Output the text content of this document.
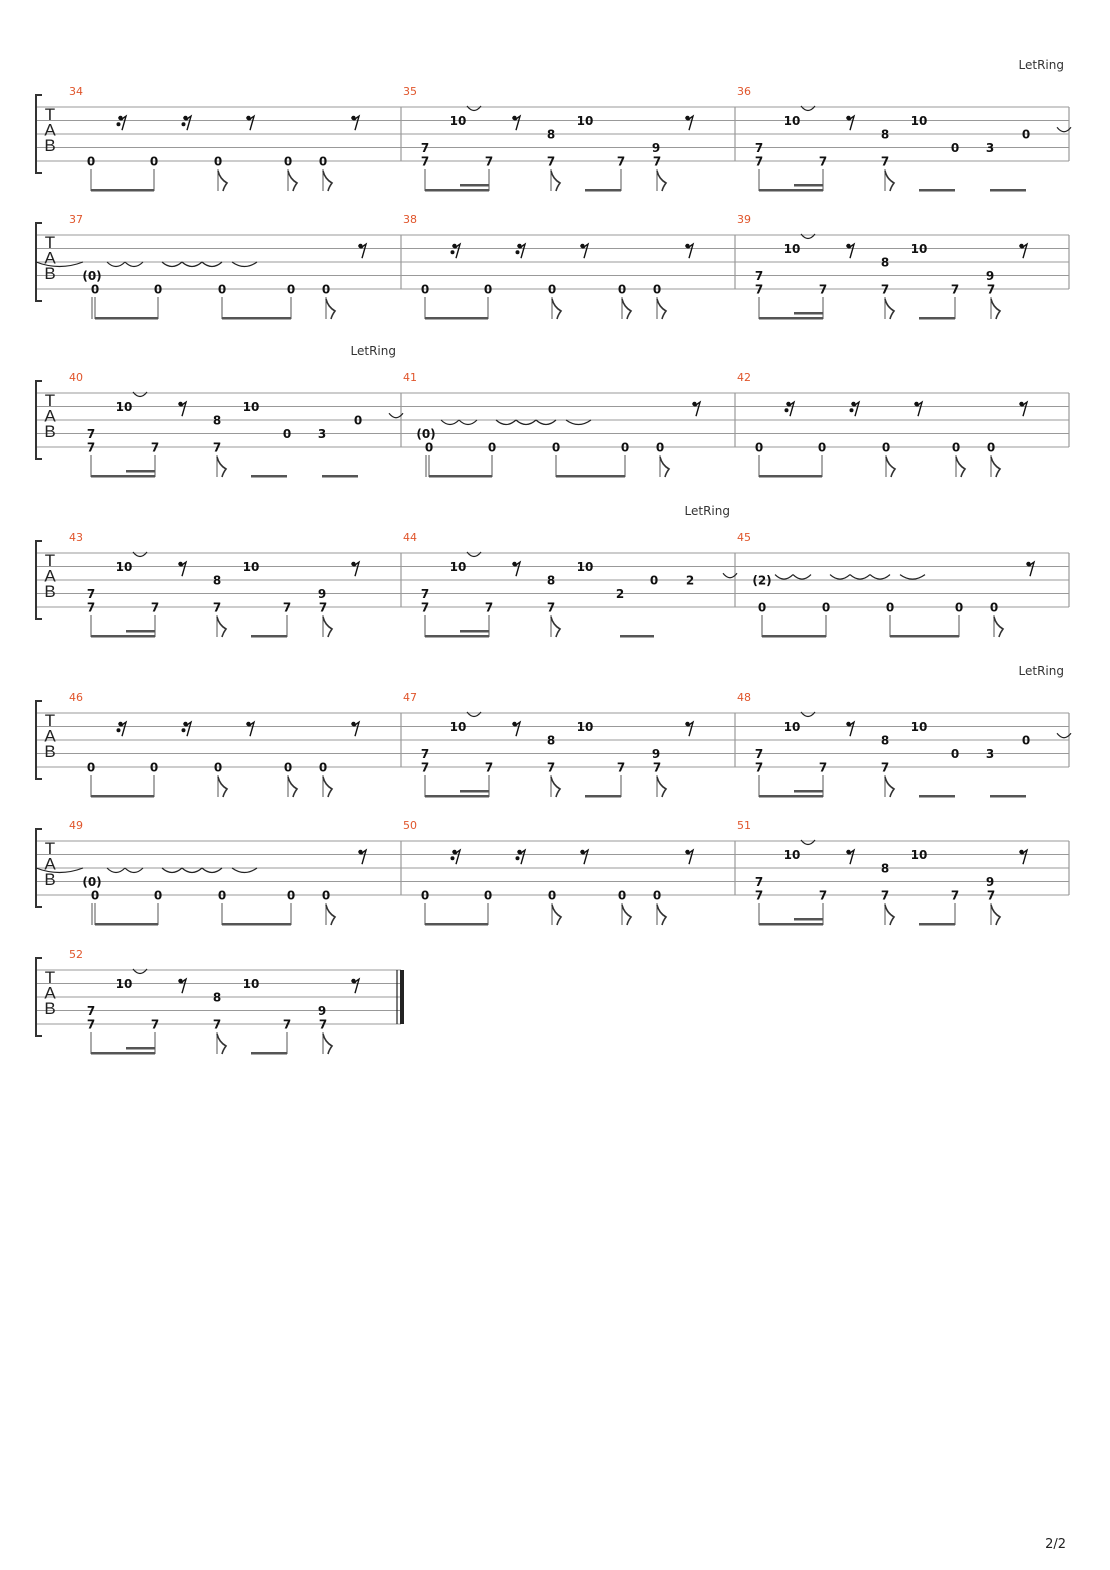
T
A
B
34
0	0	0	0 0
35
7
7
10
7
8
7
10
7
9
7
36
LetRing
7
7
10
7
8
7
10
0 3
0
T
A
B
37
(0)
0	0	0	0 0
38
0	0	0	0 0
39
7
7
10
7
8
7
10
7
9
7
T
A
B
40
LetRing
7
7
10
7
8
7
10
0 3
0
41
(0)
0	0	0	0 0
42
0	0	0	0 0
T
A
B
43
7
7
10
7
8
7
10
7
9
7
44
LetRing
7
7
10
7
8
7
10
2
0 2
45
(2)
0	0	0	0 0
T
A
B
46
0	0	0	0 0
47
7
7
10
7
8
7
10
7
9
7
48
LetRing
7
7
10
7
8
7
10
0 3
0
T
A
B
49
(0)
0	0	0	0 0
50
0	0	0	0 0
51
7
7
10
7
8
7
10
7
9
7
T
A
B
52
7
7
10
7
8
7
10
7
9
7
2/2
